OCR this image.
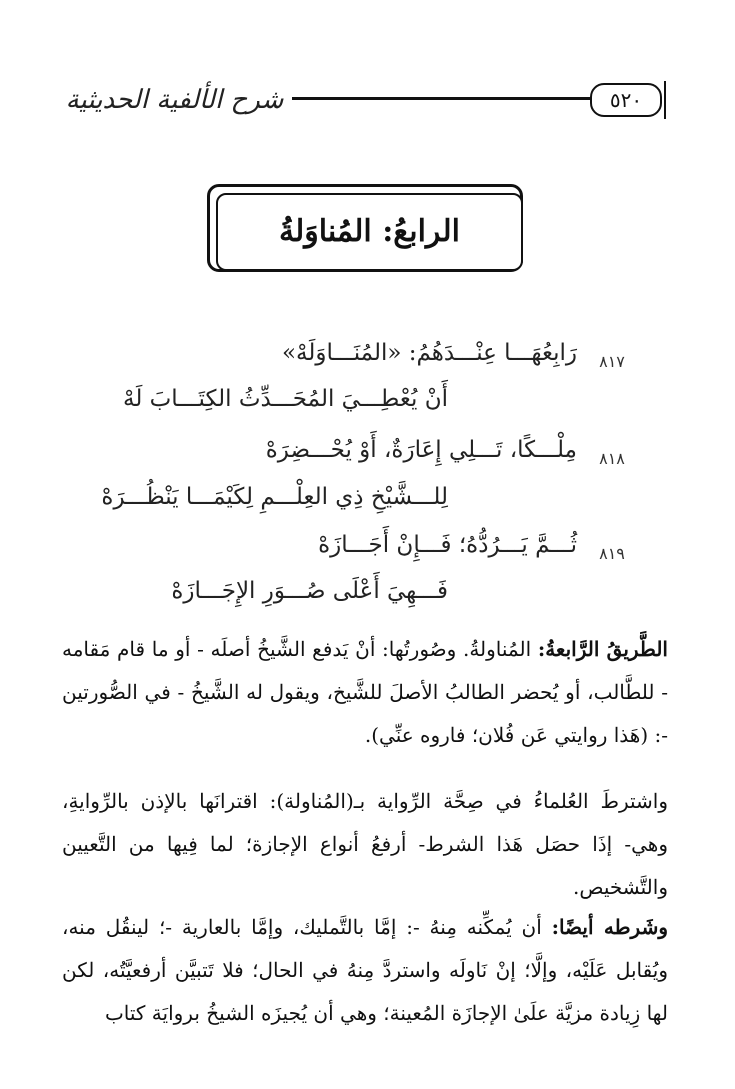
شرح الألفية الحديثية	٥٢٠
الرابعُ: المُناوَلةُ
٨١٧
رَابِعُهَـــا عِنْـــدَهُمُ: «المُنَـــاوَلَهْ»
أَنْ يُعْطِـــيَ المُحَـــدِّثُ الكِتَـــابَ لَهْ
٨١٨
مِلْـــكًا، تَـــلِي إِعَارَةٌ، أَوْ يُحْـــضِرَهْ
لِلـــشَّيْخِ ذِي العِلْـــمِ لِكَيْمَـــا يَنْظُـــرَهْ
٨١٩
ثُـــمَّ يَـــرُدُّهُ؛ فَـــإِنْ أَجَـــازَهْ
فَـــهِيَ أَعْلَى صُـــوَرِ الإِجَـــازَهْ
الطَّريقُ الرَّابعةُ: المُناولةُ. وصُورتُها: أنْ يَدفع الشَّيخُ أصلَه - أو ما قام مَقامه - للطَّالب، أو يُحضر الطالبُ الأصلَ للشَّيخ، ويقول له الشَّيخُ - في الصُّورتين -: (هَذا روايتي عَن فُلان؛ فاروه عنِّي).
واشترطَ العُلماءُ في صِحَّة الرِّواية بـ(المُناولة): اقترانَها بالإذن بالرِّوايةِ، وهي- إذَا حصَل هَذا الشرط- أرفعُ أنواع الإجازة؛ لما فِيها من التَّعيين والتَّشخيص.
وشَرطه أيضًا: أن يُمكِّنه مِنهُ -: إمَّا بالتَّمليك، وإمَّا بالعارية -؛ لينقُل منه، ويُقابل عَلَيْه، وإلَّا؛ إنْ نَاولَه واستردَّ مِنهُ في الحال؛ فلا تَتبيَّن أرفعيَّتُه، لكن لها زِيادة مزيَّة علَىٰ الإجازَة المُعينة؛ وهي أن يُجيزَه الشيخُ بروايَة كتاب
